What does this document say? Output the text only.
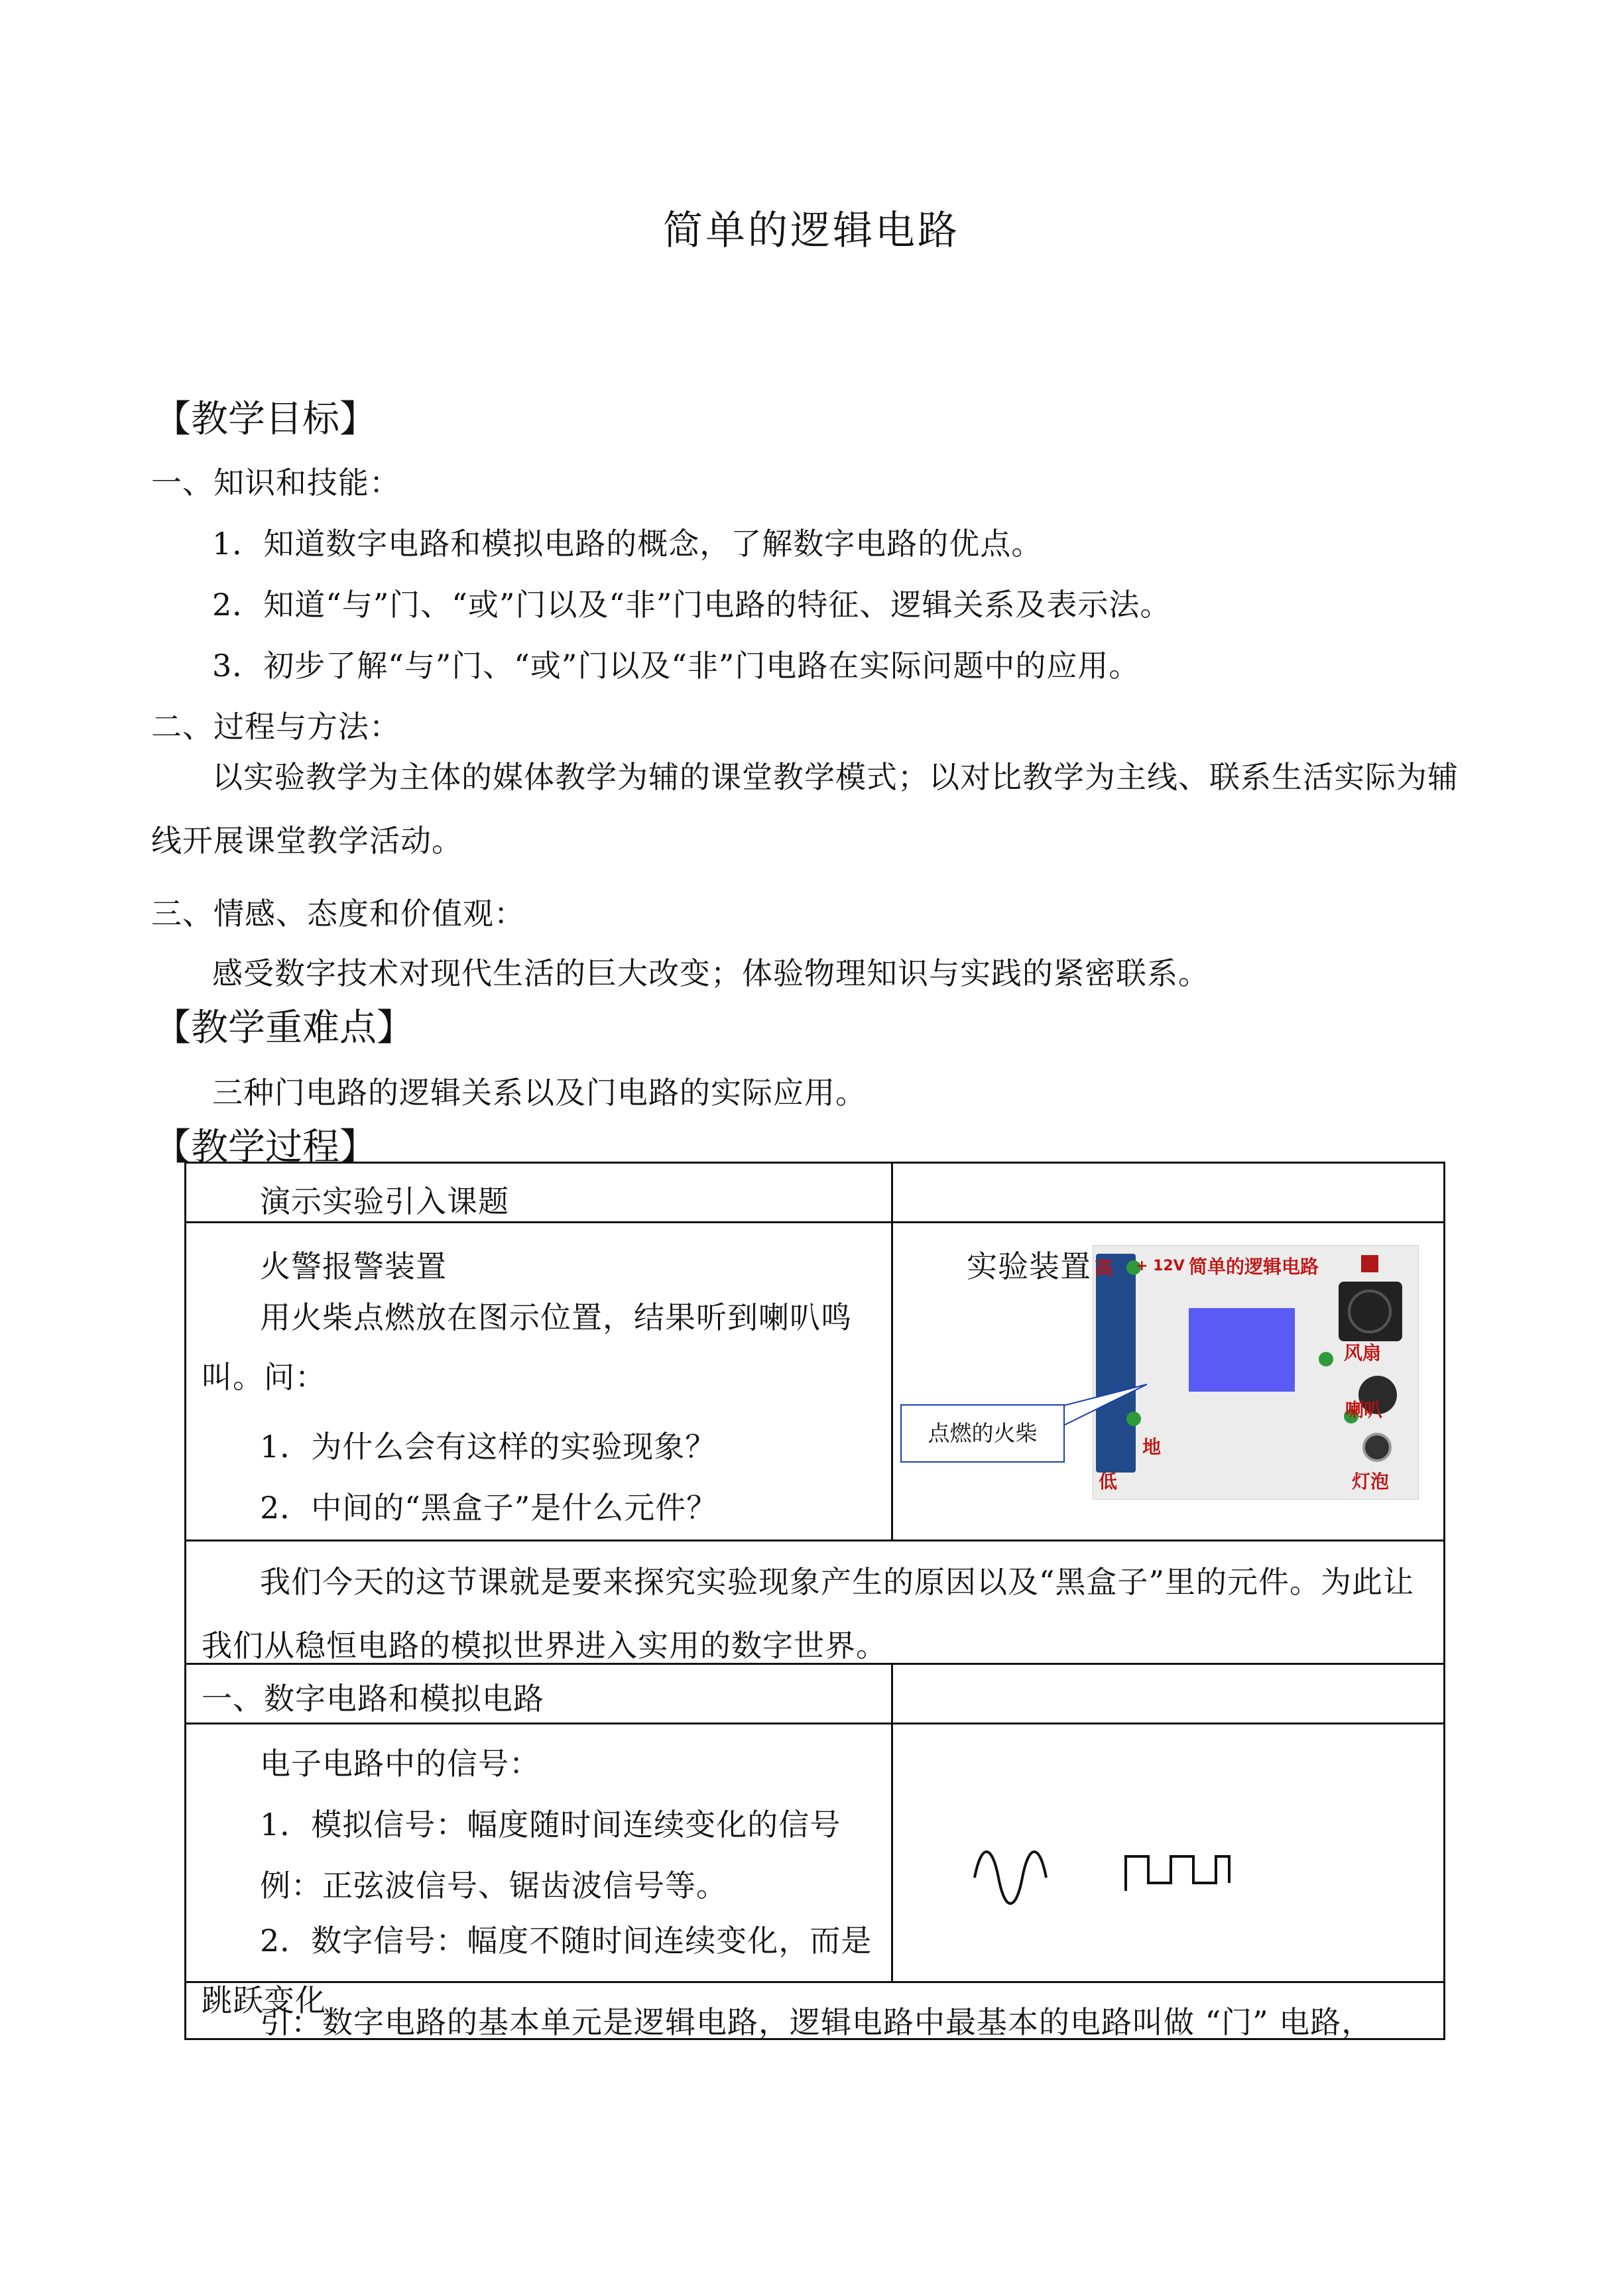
简单的逻辑电路
【教学目标】
一、知识和技能：
1．知道数字电路和模拟电路的概念，了解数字电路的优点。
2．知道“与”门、“或”门以及“非”门电路的特征、逻辑关系及表示法。
3．初步了解“与”门、“或”门以及“非”门电路在实际问题中的应用。
二、过程与方法：
以实验教学为主体的媒体教学为辅的课堂教学模式；以对比教学为主线、联系生活实际为辅线开展课堂教学活动。
三、情感、态度和价值观：
感受数字技术对现代生活的巨大改变；体验物理知识与实践的紧密联系。
【教学重难点】
三种门电路的逻辑关系以及门电路的实际应用。
【教学过程】
演示实验引入课题
火警报警装置
用火柴点燃放在图示位置，结果听到喇叭鸣叫。问：
1．为什么会有这样的实验现象？
2．中间的“黑盒子”是什么元件？
实验装置 高 + 12V 简单的逻辑电路
风扇
喇叭
地
低	灯泡
点燃的火柴
我们今天的这节课就是要来探究实验现象产生的原因以及“黑盒子”里的元件。为此让我们从稳恒电路的模拟世界进入实用的数字世界。
一、数字电路和模拟电路
电子电路中的信号：
1．模拟信号：幅度随时间连续变化的信号
例：正弦波信号、锯齿波信号等。
2．数字信号：幅度不随时间连续变化，而是跳跃变化
引：数字电路的基本单元是逻辑电路，逻辑电路中最基本的电路叫做 “门” 电路，
